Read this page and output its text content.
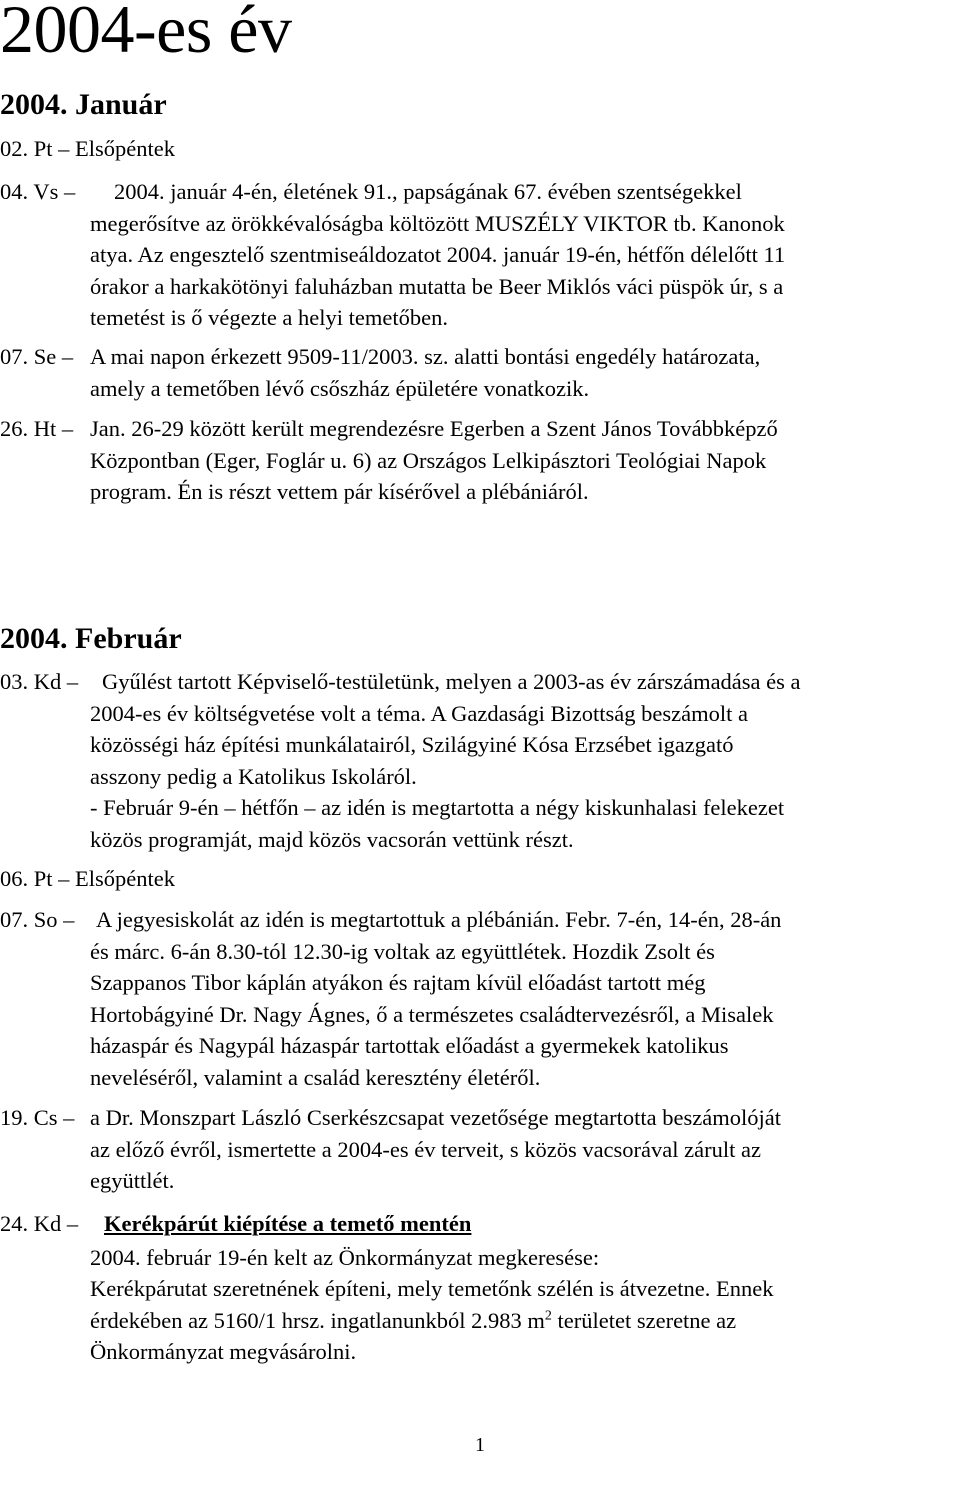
2004-es év
2004. Január
02. Pt – Elsőpéntek
04. Vs – 2004. január 4-én, életének 91., papságának 67. évében szentségekkel
megerősítve az örökkévalóságba költözött MUSZÉLY VIKTOR tb. Kanonok
atya. Az engesztelő szentmiseáldozatot 2004. január 19-én, hétfőn délelőtt 11
órakor a harkakötönyi faluházban mutatta be Beer Miklós váci püspök úr, s a
temetést is ő végezte a helyi temetőben.
07. Se – A mai napon érkezett 9509-11/2003. sz. alatti bontási engedély határozata,
amely a temetőben lévő csőszház épületére vonatkozik.
26. Ht – Jan. 26-29 között került megrendezésre Egerben a Szent János Továbbképző
Központban (Eger, Foglár u. 6) az Országos Lelkipásztori Teológiai Napok
program. Én is részt vettem pár kísérővel a plébániáról.
2004. Február
03. Kd – Gyűlést tartott Képviselő-testületünk, melyen a 2003-as év zárszámadása és a
2004-es év költségvetése volt a téma. A Gazdasági Bizottság beszámolt a
közösségi ház építési munkálatairól, Szilágyiné Kósa Erzsébet igazgató
asszony pedig a Katolikus Iskoláról.
- Február 9-én – hétfőn – az idén is megtartotta a négy kiskunhalasi felekezet
közös programját, majd közös vacsorán vettünk részt.
06. Pt – Elsőpéntek
07. So – A jegyesiskolát az idén is megtartottuk a plébánián. Febr. 7-én, 14-én, 28-án
és márc. 6-án 8.30-tól 12.30-ig voltak az együttlétek. Hozdik Zsolt és
Szappanos Tibor káplán atyákon és rajtam kívül előadást tartott még
Hortobágyiné Dr. Nagy Ágnes, ő a természetes családtervezésről, a Misalek
házaspár és Nagypál házaspár tartottak előadást a gyermekek katolikus
neveléséről, valamint a család keresztény életéről.
19. Cs – a Dr. Monszpart László Cserkészcsapat vezetősége megtartotta beszámolóját
az előző évről, ismertette a 2004-es év terveit, s közös vacsorával zárult az
együttlét.
24. Kd – Kerékpárút kiépítése a temető mentén
2004. február 19-én kelt az Önkormányzat megkeresése:
Kerékpárutat szeretnének építeni, mely temetőnk szélén is átvezetne. Ennek
érdekében az 5160/1 hrsz. ingatlanunkból 2.983 $m^2$ területet szeretne az
Önkormányzat megvásárolni.
1
